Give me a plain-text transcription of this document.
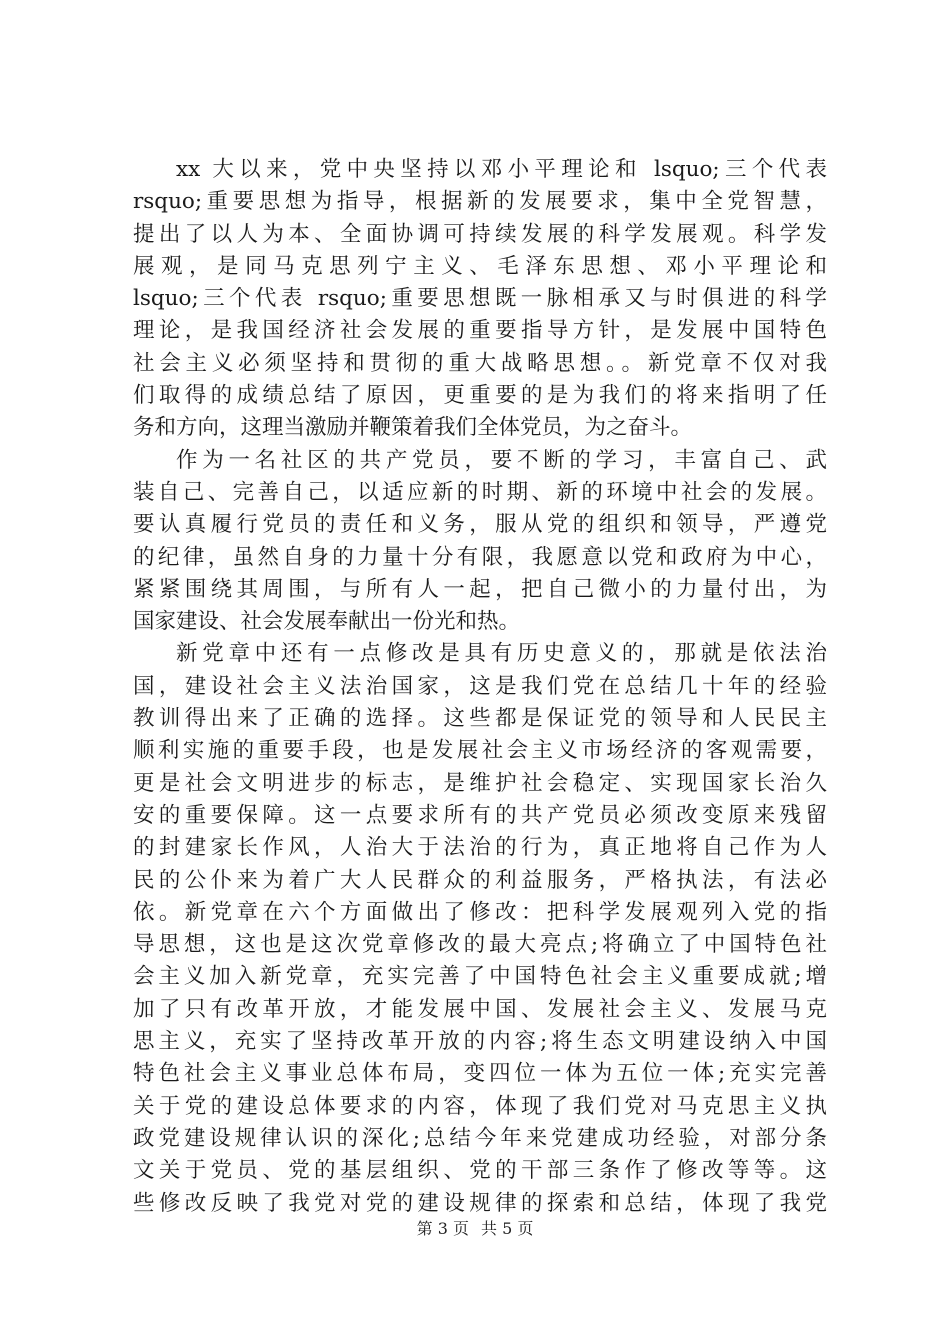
xx 大以来，党中央坚持以邓小平理论和 lsquo;三个代表
rsquo;重要思想为指导，根据新的发展要求，集中全党智慧，
提出了以人为本、全面协调可持续发展的科学发展观。科学发
展观，是同马克思列宁主义、毛泽东思想、邓小平理论和
lsquo;三个代表 rsquo;重要思想既一脉相承又与时俱进的科学
理论，是我国经济社会发展的重要指导方针，是发展中国特色
社会主义必须坚持和贯彻的重大战略思想。。新党章不仅对我
们取得的成绩总结了原因，更重要的是为我们的将来指明了任
务和方向，这理当激励并鞭策着我们全体党员，为之奋斗。
作为一名社区的共产党员，要不断的学习，丰富自己、武
装自己、完善自己，以适应新的时期、新的环境中社会的发展。
要认真履行党员的责任和义务，服从党的组织和领导，严遵党
的纪律，虽然自身的力量十分有限，我愿意以党和政府为中心，
紧紧围绕其周围，与所有人一起，把自己微小的力量付出，为
国家建设、社会发展奉献出一份光和热。
新党章中还有一点修改是具有历史意义的，那就是依法治
国，建设社会主义法治国家，这是我们党在总结几十年的经验
教训得出来了正确的选择。这些都是保证党的领导和人民民主
顺利实施的重要手段，也是发展社会主义市场经济的客观需要，
更是社会文明进步的标志，是维护社会稳定、实现国家长治久
安的重要保障。这一点要求所有的共产党员必须改变原来残留
的封建家长作风，人治大于法治的行为，真正地将自己作为人
民的公仆来为着广大人民群众的利益服务，严格执法，有法必
依。新党章在六个方面做出了修改：把科学发展观列入党的指
导思想，这也是这次党章修改的最大亮点;将确立了中国特色社
会主义加入新党章，充实完善了中国特色社会主义重要成就;增
加了只有改革开放，才能发展中国、发展社会主义、发展马克
思主义，充实了坚持改革开放的内容;将生态文明建设纳入中国
特色社会主义事业总体布局，变四位一体为五位一体;充实完善
关于党的建设总体要求的内容，体现了我们党对马克思主义执
政党建设规律认识的深化;总结今年来党建成功经验，对部分条
文关于党员、党的基层组织、党的干部三条作了修改等等。这
些修改反映了我党对党的建设规律的探索和总结，体现了我党
第 3 页 共 5 页
